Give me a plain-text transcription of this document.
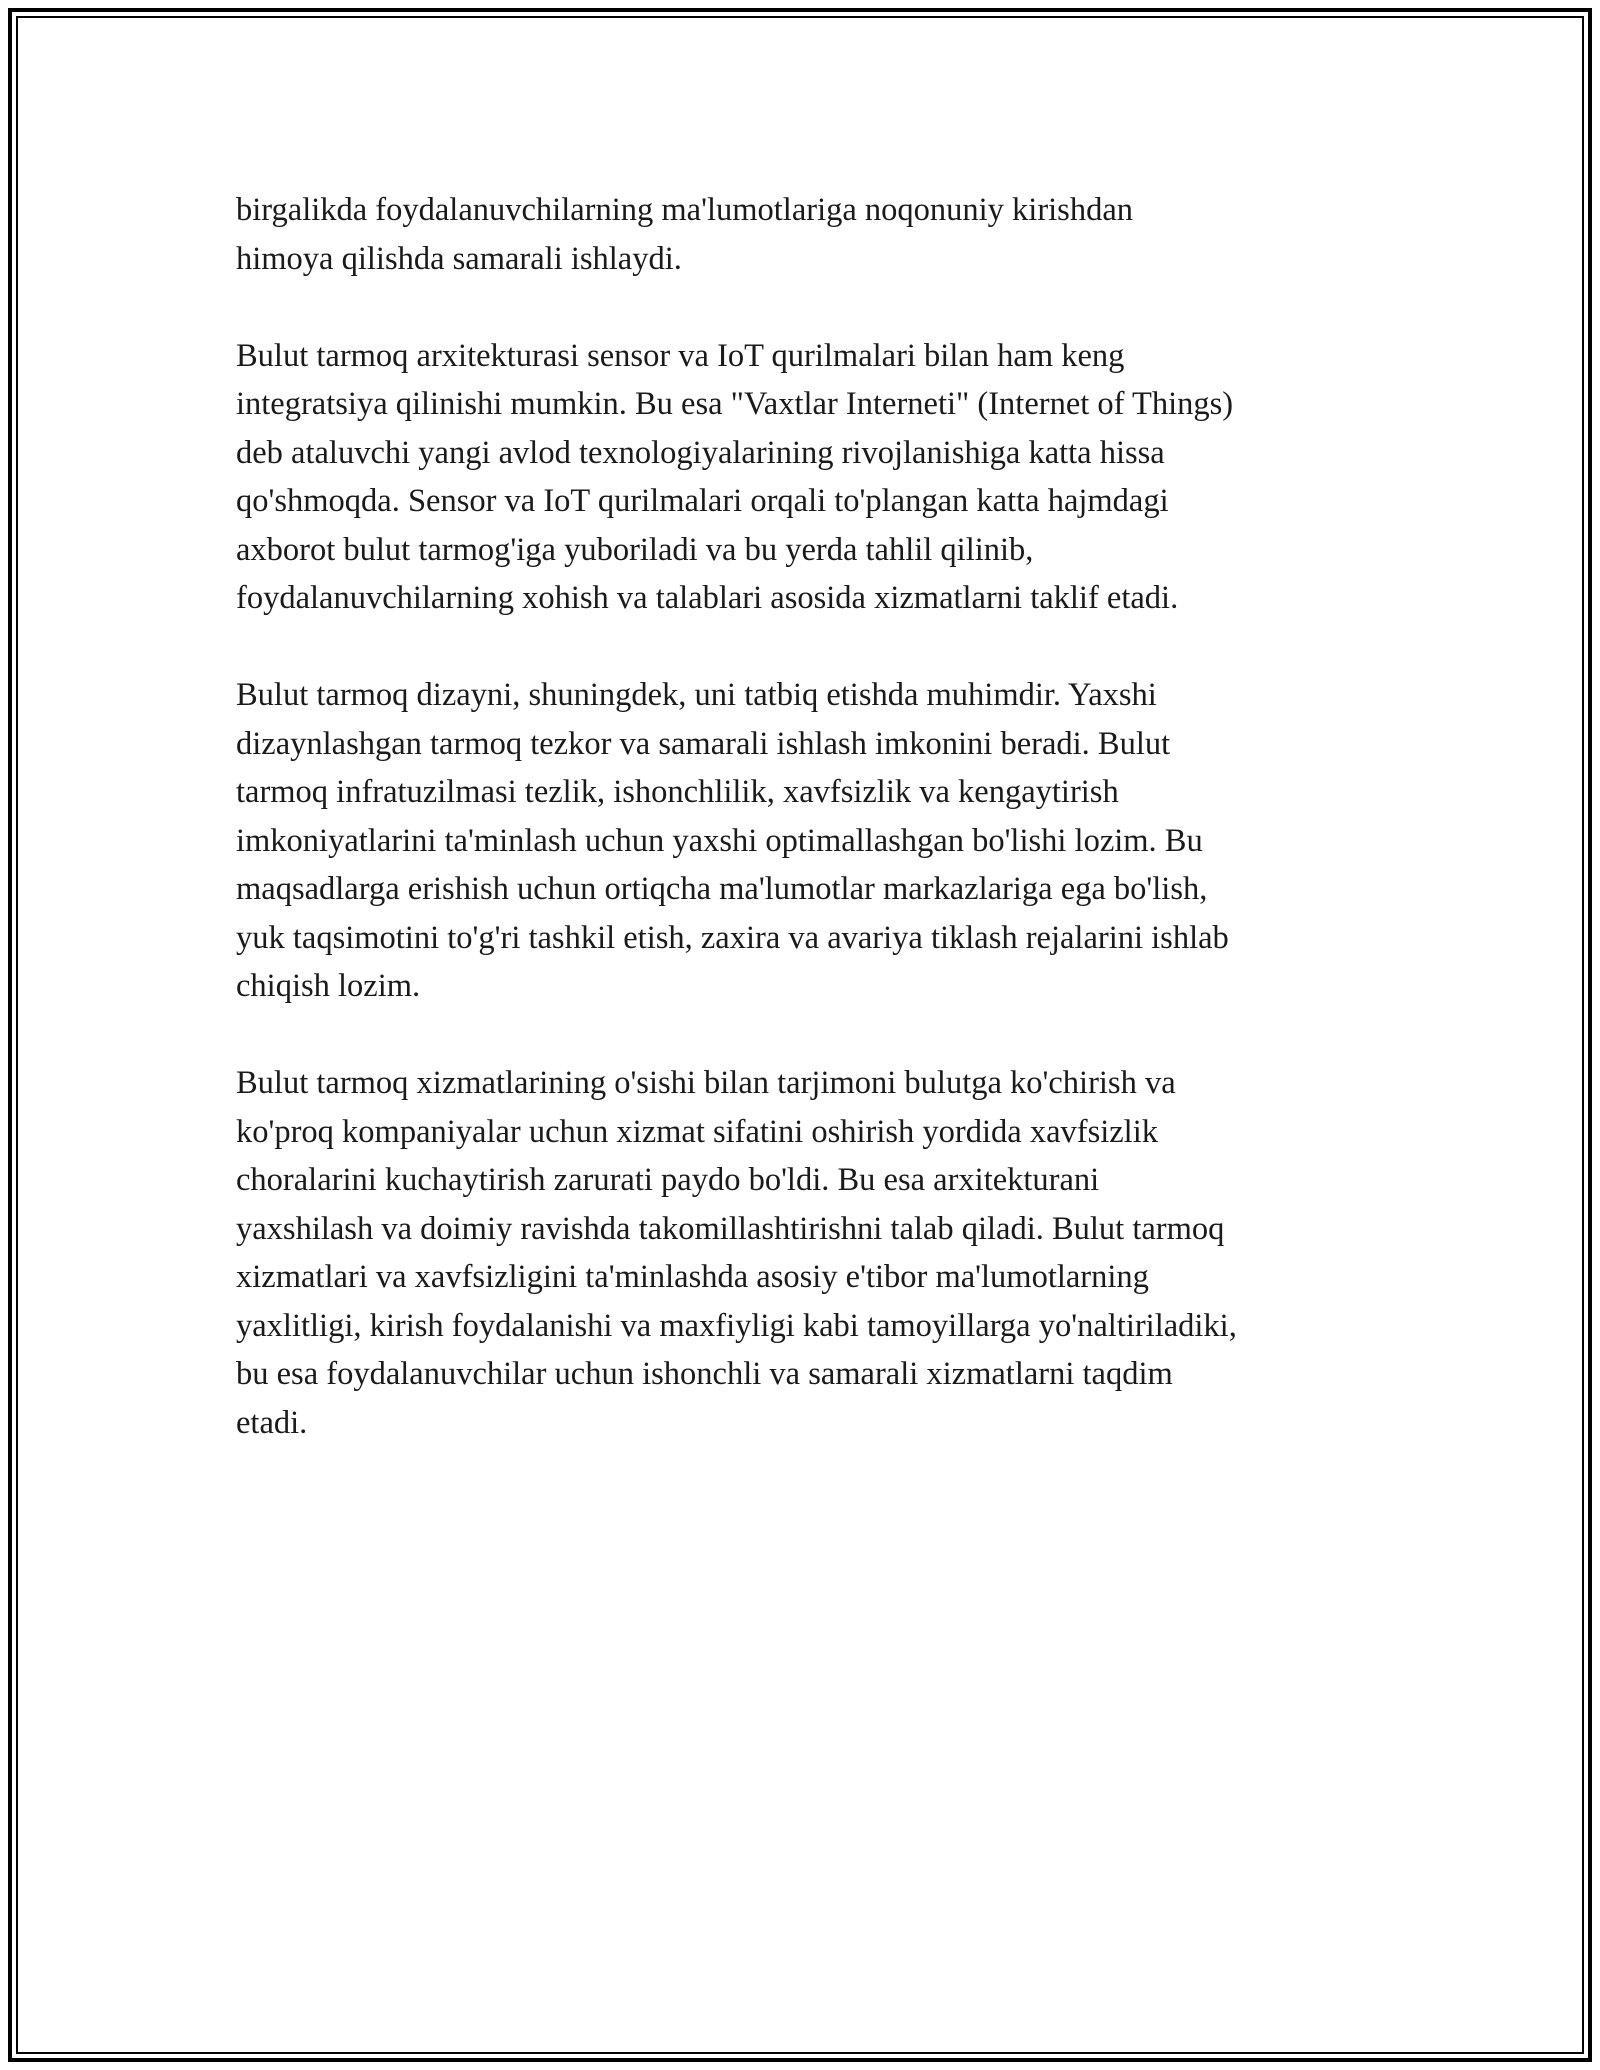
birgalikda foydalanuvchilarning ma'lumotlariga noqonuniy kirishdan
himoya qilishda samarali ishlaydi.

Bulut tarmoq arxitekturasi sensor va IoT qurilmalari bilan ham keng
integratsiya qilinishi mumkin. Bu esa "Vaxtlar Interneti" (Internet of Things)
deb ataluvchi yangi avlod texnologiyalarining rivojlanishiga katta hissa
qo'shmoqda. Sensor va IoT qurilmalari orqali to'plangan katta hajmdagi
axborot bulut tarmog'iga yuboriladi va bu yerda tahlil qilinib,
foydalanuvchilarning xohish va talablari asosida xizmatlarni taklif etadi.

Bulut tarmoq dizayni, shuningdek, uni tatbiq etishda muhimdir. Yaxshi
dizaynlashgan tarmoq tezkor va samarali ishlash imkonini beradi. Bulut
tarmoq infratuzilmasi tezlik, ishonchlilik, xavfsizlik va kengaytirish
imkoniyatlarini ta'minlash uchun yaxshi optimallashgan bo'lishi lozim. Bu
maqsadlarga erishish uchun ortiqcha ma'lumotlar markazlariga ega bo'lish,
yuk taqsimotini to'g'ri tashkil etish, zaxira va avariya tiklash rejalarini ishlab
chiqish lozim.

Bulut tarmoq xizmatlarining o'sishi bilan tarjimoni bulutga ko'chirish va
ko'proq kompaniyalar uchun xizmat sifatini oshirish yordida xavfsizlik
choralarini kuchaytirish zarurati paydo bo'ldi. Bu esa arxitekturani
yaxshilash va doimiy ravishda takomillashtirishni talab qiladi. Bulut tarmoq
xizmatlari va xavfsizligini ta'minlashda asosiy e'tibor ma'lumotlarning
yaxlitligi, kirish foydalanishi va maxfiyligi kabi tamoyillarga yo'naltiriladiki,
bu esa foydalanuvchilar uchun ishonchli va samarali xizmatlarni taqdim
etadi.
